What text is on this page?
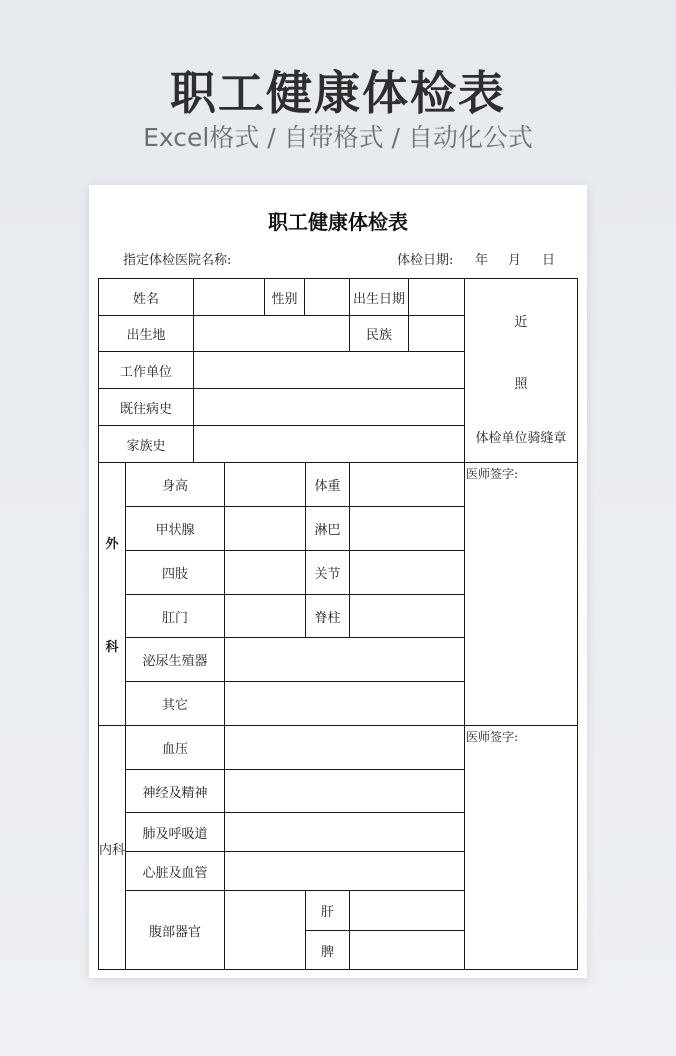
职工健康体检表
Excel格式 / 自带格式 / 自动化公式
职工健康体检表
指定体检医院名称:	体检日期: 年 月 日
姓名	性别	出生日期
出生地	民族
工作单位
既往病史
家族史
近
照
体检单位骑缝章
外
科
身高	体重
甲状腺	淋巴
四肢	关节
肛门	脊柱
泌尿生殖器
其它
医师签字:
内科
血压
神经及精神
肺及呼吸道
心脏及血管
腹部器官
肝
脾
医师签字:
